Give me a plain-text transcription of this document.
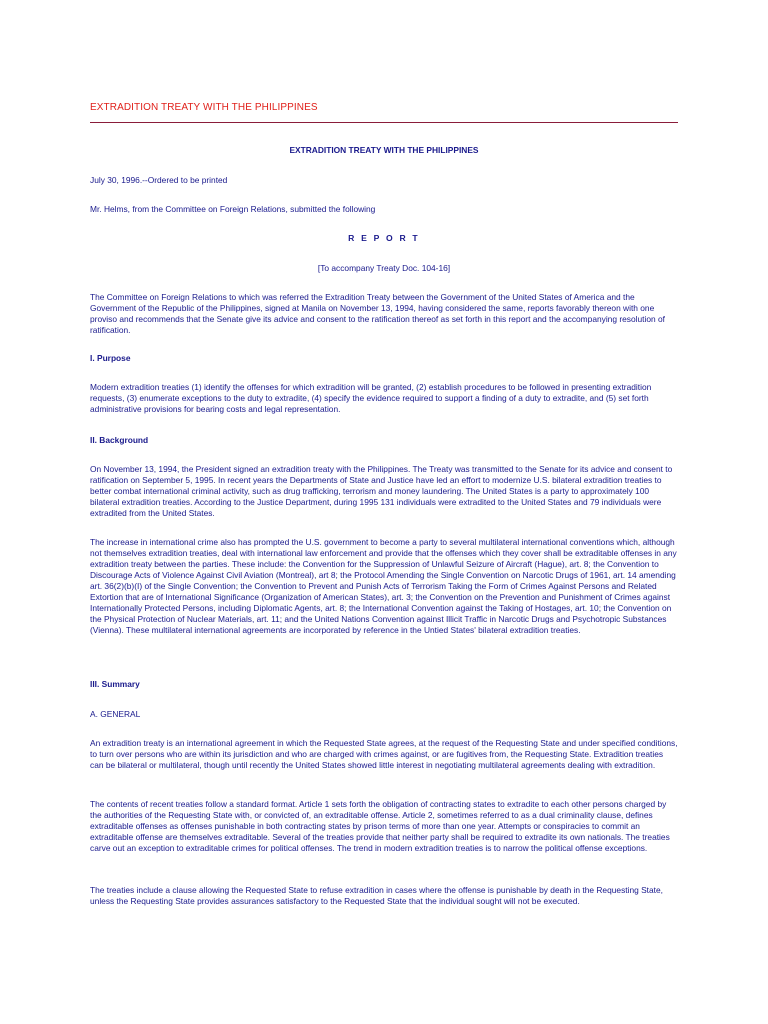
EXTRADITION TREATY WITH THE PHILIPPINES
EXTRADITION TREATY WITH THE PHILIPPINES
July 30, 1996.--Ordered to be printed
Mr. Helms, from the Committee on Foreign Relations, submitted the following
R E P O R T
[To accompany Treaty Doc. 104-16]

The Committee on Foreign Relations to which was referred the Extradition Treaty between the Government of the United States of America and the Government of the Republic of the Philippines, signed at Manila on November 13, 1994, having considered the same, reports favorably thereon with one proviso and recommends that the Senate give its advice and consent to the ratification thereof as set forth in this report and the accompanying resolution of ratification.

I. Purpose

Modern extradition treaties (1) identify the offenses for which extradition will be granted, (2) establish procedures to be followed in presenting extradition requests, (3) enumerate exceptions to the duty to extradite, (4) specify the evidence required to support a finding of a duty to extradite, and (5) set forth administrative provisions for bearing costs and legal representation.

II. Background

On November 13, 1994, the President signed an extradition treaty with the Philippines. The Treaty was transmitted to the Senate for its advice and consent to ratification on September 5, 1995. In recent years the Departments of State and Justice have led an effort to modernize U.S. bilateral extradition treaties to better combat international criminal activity, such as drug trafficking, terrorism and money laundering. The United States is a party to approximately 100 bilateral extradition treaties. According to the Justice Department, during 1995 131 individuals were extradited to the United States and 79 individuals were extradited from the United States.

The increase in international crime also has prompted the U.S. government to become a party to several multilateral international conventions which, although not themselves extradition treaties, deal with international law enforcement and provide that the offenses which they cover shall be extraditable offenses in any extradition treaty between the parties. These include: the Convention for the Suppression of Unlawful Seizure of Aircraft (Hague), art. 8; the Convention to Discourage Acts of Violence Against Civil Aviation (Montreal), art 8; the Protocol Amending the Single Convention on Narcotic Drugs of 1961, art. 14 amending art. 36(2)(b)(I) of the Single Convention; the Convention to Prevent and Punish Acts of Terrorism Taking the Form of Crimes Against Persons and Related Extortion that are of International Significance (Organization of American States), art. 3; the Convention on the Prevention and Punishment of Crimes against Internationally Protected Persons, including Diplomatic Agents, art. 8; the International Convention against the Taking of Hostages, art. 10; the Convention on the Physical Protection of Nuclear Materials, art. 11; and the United Nations Convention against Illicit Traffic in Narcotic Drugs and Psychotropic Substances (Vienna). These multilateral international agreements are incorporated by reference in the Untied States' bilateral extradition treaties.

III. Summary
A. GENERAL

An extradition treaty is an international agreement in which the Requested State agrees, at the request of the Requesting State and under specified conditions, to turn over persons who are within its jurisdiction and who are charged with crimes against, or are fugitives from, the Requesting State. Extradition treaties can be bilateral or multilateral, though until recently the United States showed little interest in negotiating multilateral agreements dealing with extradition.

The contents of recent treaties follow a standard format. Article 1 sets forth the obligation of contracting states to extradite to each other persons charged by the authorities of the Requesting State with, or convicted of, an extraditable offense. Article 2, sometimes referred to as a dual criminality clause, defines extraditable offenses as offenses punishable in both contracting states by prison terms of more than one year. Attempts or conspiracies to commit an extraditable offense are themselves extraditable. Several of the treaties provide that neither party shall be required to extradite its own nationals. The treaties carve out an exception to extraditable crimes for political offenses. The trend in modern extradition treaties is to narrow the political offense exceptions.

The treaties include a clause allowing the Requested State to refuse extradition in cases where the offense is punishable by death in the Requesting State, unless the Requesting State provides assurances satisfactory to the Requested State that the individual sought will not be executed.
